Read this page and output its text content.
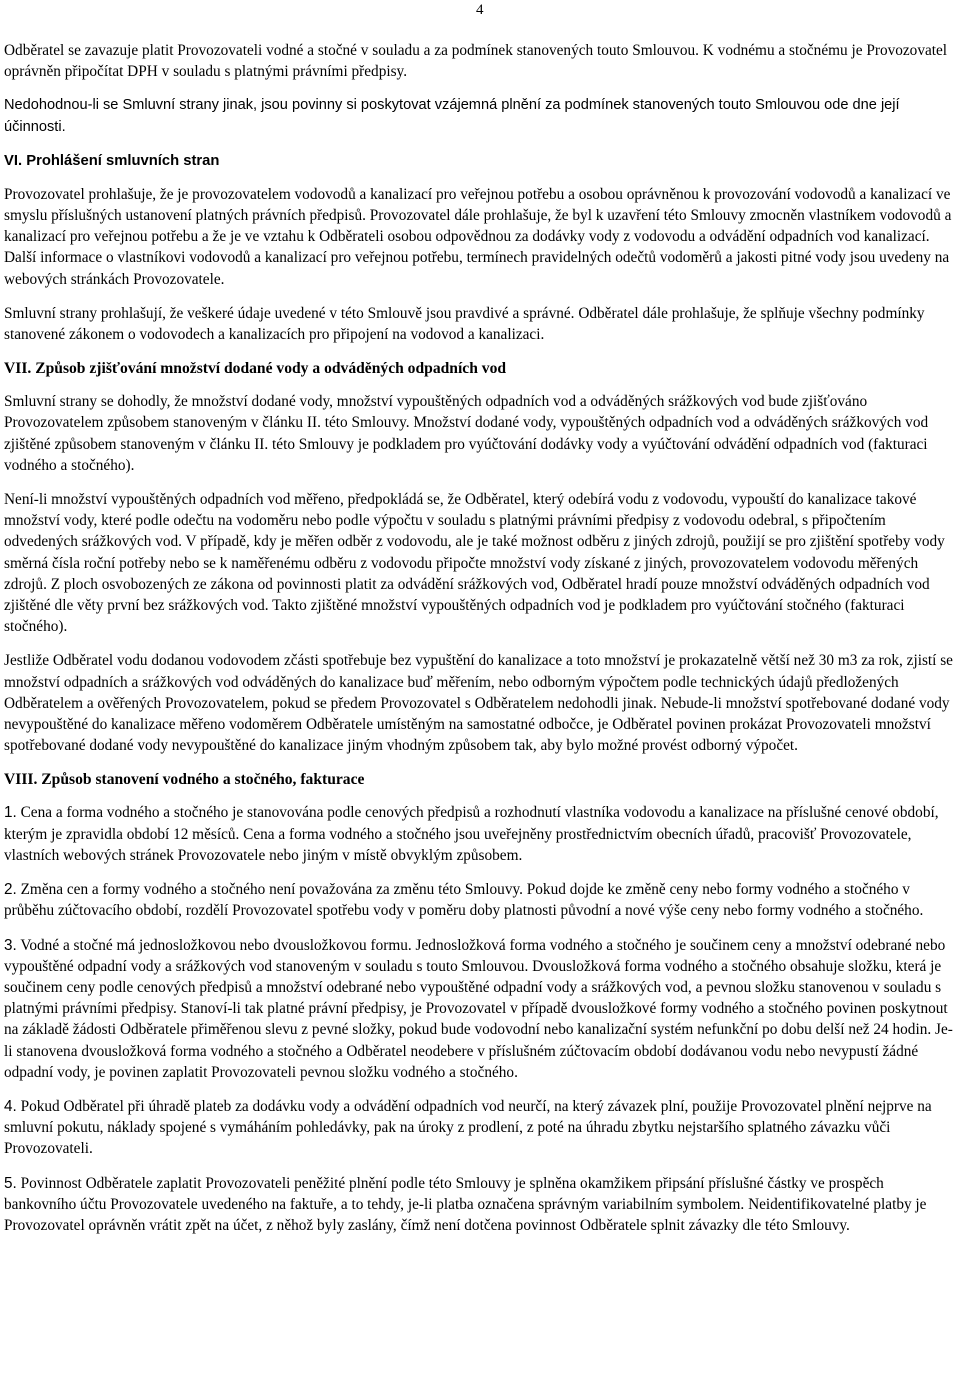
4

Odběratel se zavazuje platit Provozovateli vodné a stočné v souladu a za podmínek stanovených touto Smlouvou. K vodnému a stočnému je Provozovatel oprávněn připočítat DPH v souladu s platnými právními předpisy.

Nedohodnou-li se Smluvní strany jinak, jsou povinny si poskytovat vzájemná plnění za podmínek stanovených touto Smlouvou ode dne její účinnosti.

VI. Prohlášení smluvních stran

Provozovatel prohlašuje, že je provozovatelem vodovodů a kanalizací pro veřejnou potřebu a osobou oprávněnou k provozování vodovodů a kanalizací ve smyslu příslušných ustanovení platných právních předpisů. Provozovatel dále prohlašuje, že byl k uzavření této Smlouvy zmocněn vlastníkem vodovodů a kanalizací pro veřejnou potřebu a že je ve vztahu k Odběrateli osobou odpovědnou za dodávky vody z vodovodu a odvádění odpadních vod kanalizací. Další informace o vlastníkovi vodovodů a kanalizací pro veřejnou potřebu, termínech pravidelných odečtů vodoměrů a jakosti pitné vody jsou uvedeny na webových stránkách Provozovatele.

Smluvní strany prohlašují, že veškeré údaje uvedené v této Smlouvě jsou pravdivé a správné. Odběratel dále prohlašuje, že splňuje všechny podmínky stanovené zákonem o vodovodech a kanalizacích pro připojení na vodovod a kanalizaci.

VII. Způsob zjišťování množství dodané vody a odváděných odpadních vod

Smluvní strany se dohodly, že množství dodané vody, množství vypouštěných odpadních vod a odváděných srážkových vod bude zjišťováno Provozovatelem způsobem stanoveným v článku II. této Smlouvy. Množství dodané vody, vypouštěných odpadních vod a odváděných srážkových vod zjištěné způsobem stanoveným v článku II. této Smlouvy je podkladem pro vyúčtování dodávky vody a vyúčtování odvádění odpadních vod (fakturaci vodného a stočného).

Není-li množství vypouštěných odpadních vod měřeno, předpokládá se, že Odběratel, který odebírá vodu z vodovodu, vypouští do kanalizace takové množství vody, které podle odečtu na vodoměru nebo podle výpočtu v souladu s platnými právními předpisy z vodovodu odebral, s připočtením odvedených srážkových vod. V případě, kdy je měřen odběr z vodovodu, ale je také možnost odběru z jiných zdrojů, použijí se pro zjištění spotřeby vody směrná čísla roční potřeby nebo se k naměřenému odběru z vodovodu připočte množství vody získané z jiných, provozovatelem vodovodu měřených zdrojů. Z ploch osvobozených ze zákona od povinnosti platit za odvádění srážkových vod, Odběratel hradí pouze množství odváděných odpadních vod zjištěné dle věty první bez srážkových vod. Takto zjištěné množství vypouštěných odpadních vod je podkladem pro vyúčtování stočného (fakturaci stočného).

Jestliže Odběratel vodu dodanou vodovodem zčásti spotřebuje bez vypuštění do kanalizace a toto množství je prokazatelně větší než 30 m3 za rok, zjistí se množství odpadních a srážkových vod odváděných do kanalizace buď měřením, nebo odborným výpočtem podle technických údajů předložených Odběratelem a ověřených Provozovatelem, pokud se předem Provozovatel s Odběratelem nedohodli jinak. Nebude-li množství spotřebované dodané vody nevypouštěné do kanalizace měřeno vodoměrem Odběratele umístěným na samostatné odbočce, je Odběratel povinen prokázat Provozovateli množství spotřebované dodané vody nevypouštěné do kanalizace jiným vhodným způsobem tak, aby bylo možné provést odborný výpočet.

VIII. Způsob stanovení vodného a stočného, fakturace

1. Cena a forma vodného a stočného je stanovována podle cenových předpisů a rozhodnutí vlastníka vodovodu a kanalizace na příslušné cenové období, kterým je zpravidla období 12 měsíců. Cena a forma vodného a stočného jsou uveřejněny prostřednictvím obecních úřadů, pracovišť Provozovatele, vlastních webových stránek Provozovatele nebo jiným v místě obvyklým způsobem.

2. Změna cen a formy vodného a stočného není považována za změnu této Smlouvy. Pokud dojde ke změně ceny nebo formy vodného a stočného v průběhu zúčtovacího období, rozdělí Provozovatel spotřebu vody v poměru doby platnosti původní a nové výše ceny nebo formy vodného a stočného.

3. Vodné a stočné má jednosložkovou nebo dvousložkovou formu. Jednosložková forma vodného a stočného je součinem ceny a množství odebrané nebo vypouštěné odpadní vody a srážkových vod stanoveným v souladu s touto Smlouvou. Dvousložková forma vodného a stočného obsahuje složku, která je součinem ceny podle cenových předpisů a množství odebrané nebo vypouštěné odpadní vody a srážkových vod, a pevnou složku stanovenou v souladu s platnými právními předpisy. Stanoví-li tak platné právní předpisy, je Provozovatel v případě dvousložkové formy vodného a stočného povinen poskytnout na základě žádosti Odběratele přiměřenou slevu z pevné složky, pokud bude vodovodní nebo kanalizační systém nefunkční po dobu delší než 24 hodin. Je-li stanovena dvousložková forma vodného a stočného a Odběratel neodebere v příslušném zúčtovacím období dodávanou vodu nebo nevypustí žádné odpadní vody, je povinen zaplatit Provozovateli pevnou složku vodného a stočného.

4. Pokud Odběratel při úhradě plateb za dodávku vody a odvádění odpadních vod neurčí, na který závazek plní, použije Provozovatel plnění nejprve na smluvní pokutu, náklady spojené s vymáháním pohledávky, pak na úroky z prodlení, z poté na úhradu zbytku nejstaršího splatného závazku vůči Provozovateli.

5. Povinnost Odběratele zaplatit Provozovateli peněžité plnění podle této Smlouvy je splněna okamžikem připsání příslušné částky ve prospěch bankovního účtu Provozovatele uvedeného na faktuře, a to tehdy, je-li platba označena správným variabilním symbolem. Neidentifikovatelné platby je Provozovatel oprávněn vrátit zpět na účet, z něhož byly zaslány, čímž není dotčena povinnost Odběratele splnit závazky dle této Smlouvy.
